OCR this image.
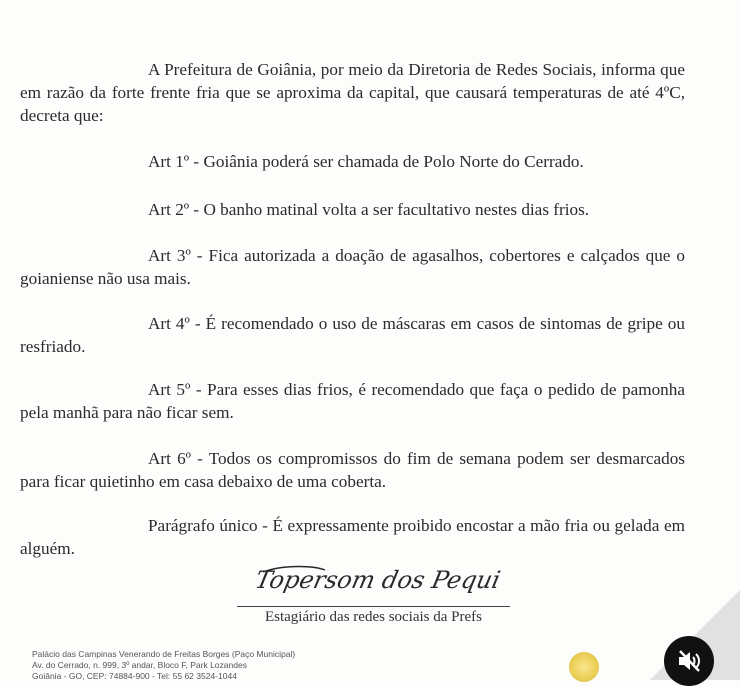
A Prefeitura de Goiânia, por meio da Diretoria de Redes Sociais, informa que em razão da forte frente fria que se aproxima da capital, que causará temperaturas de até 4ºC, decreta que:

Art 1º - Goiânia poderá ser chamada de Polo Norte do Cerrado.

Art 2º - O banho matinal volta a ser facultativo nestes dias frios.

Art 3º - Fica autorizada a doação de agasalhos, cobertores e calçados que o goianiense não usa mais.

Art 4º - É recomendado o uso de máscaras em casos de sintomas de gripe ou resfriado.

Art 5º - Para esses dias frios, é recomendado que faça o pedido de pamonha pela manhã para não ficar sem.

Art 6º - Todos os compromissos do fim de semana podem ser desmarcados para ficar quietinho em casa debaixo de uma coberta.

Parágrafo único - É expressamente proibido encostar a mão fria ou gelada em alguém.

Topersom dos Pequi
Estagiário das redes sociais da Prefs
Palácio das Campinas Venerando de Freitas Borges (Paço Municipal)
Av. do Cerrado, n. 999, 3º andar, Bloco F, Park Lozandes
Goiânia - GO, CEP: 74884-900 - Tel: 55 62 3524-1044
